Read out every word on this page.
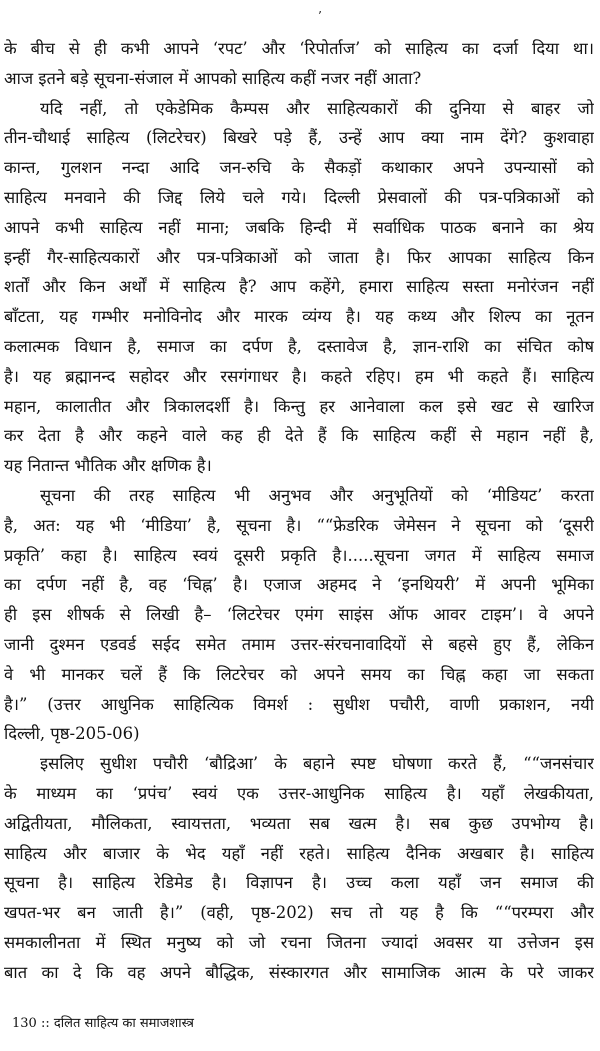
’

के बीच से ही कभी आपने ‘रपट’ और ‘रिपोर्ताज’ को साहित्य का दर्जा दिया था।
आज इतने बड़े सूचना-संजाल में आपको साहित्य कहीं नजर नहीं आता?

यदि नहीं, तो एकेडेमिक कैम्पस और साहित्यकारों की दुनिया से बाहर जो
तीन-चौथाई साहित्य (लिटरेचर) बिखरे पड़े हैं, उन्हें आप क्या नाम देंगे? कुशवाहा
कान्त, गुलशन नन्दा आदि जन-रुचि के सैकड़ों कथाकार अपने उपन्यासों को
साहित्य मनवाने की जिद्द लिये चले गये। दिल्ली प्रेसवालों की पत्र-पत्रिकाओं को
आपने कभी साहित्य नहीं माना; जबकि हिन्दी में सर्वाधिक पाठक बनाने का श्रेय
इन्हीं गैर-साहित्यकारों और पत्र-पत्रिकाओं को जाता है। फिर आपका साहित्य किन
शर्तों और किन अर्थों में साहित्य है? आप कहेंगे, हमारा साहित्य सस्ता मनोरंजन नहीं
बाँटता, यह गम्भीर मनोविनोद और मारक व्यंग्य है। यह कथ्य और शिल्प का नूतन
कलात्मक विधान है, समाज का दर्पण है, दस्तावेज है, ज्ञान-राशि का संचित कोष
है। यह ब्रह्मानन्द सहोदर और रसगंगाधर है। कहते रहिए। हम भी कहते हैं। साहित्य
महान, कालातीत और त्रिकालदर्शी है। किन्तु हर आनेवाला कल इसे खट से खारिज
कर देता है और कहने वाले कह ही देते हैं कि साहित्य कहीं से महान नहीं है,
यह नितान्त भौतिक और क्षणिक है।

सूचना की तरह साहित्य भी अनुभव और अनुभूतियों को ‘मीडियट’ करता
है, अत: यह भी ‘मीडिया’ है, सूचना है। ““फ्रेडरिक जेमेसन ने सूचना को ‘दूसरी
प्रकृति’ कहा है। साहित्य स्वयं दूसरी प्रकृति है।.....सूचना जगत में साहित्य समाज
का दर्पण नहीं है, वह ‘चिह्न’ है। एजाज अहमद ने ‘इनथियरी’ में अपनी भूमिका
ही इस शीषर्क से लिखी है– ‘लिटरेचर एमंग साइंस ऑफ आवर टाइम’। वे अपने
जानी दुश्मन एडवर्ड सईद समेत तमाम उत्तर-संरचनावादियों से बहसे हुए हैं, लेकिन
वे भी मानकर चलें हैं कि लिटरेचर को अपने समय का चिह्न कहा जा सकता
है।” (उत्तर आधुनिक साहित्यिक विमर्श : सुधीश पचौरी, वाणी प्रकाशन, नयी
दिल्ली, पृष्ठ-205-06)

इसलिए सुधीश पचौरी ‘बौद्रिआ’ के बहाने स्पष्ट घोषणा करते हैं, ““जनसंचार
के माध्यम का ‘प्रपंच’ स्वयं एक उत्तर-आधुनिक साहित्य है। यहाँ लेखकीयता,
अद्वितीयता, मौलिकता, स्वायत्तता, भव्यता सब खत्म है। सब कुछ उपभोग्य है।
साहित्य और बाजार के भेद यहाँ नहीं रहते। साहित्य दैनिक अखबार है। साहित्य
सूचना है। साहित्य रेडिमेड है। विज्ञापन है। उच्च कला यहाँ जन समाज की
खपत-भर बन जाती है।” (वही, पृष्ठ-202) सच तो यह है कि ““परम्परा और
समकालीनता में स्थित मनुष्य को जो रचना जितना ज्यादां अवसर या उत्तेजन इस
बात का दे कि वह अपने बौद्धिक, संस्कारगत और सामाजिक आत्म के परे जाकर

130 :: दलित साहित्य का समाजशास्त्र
